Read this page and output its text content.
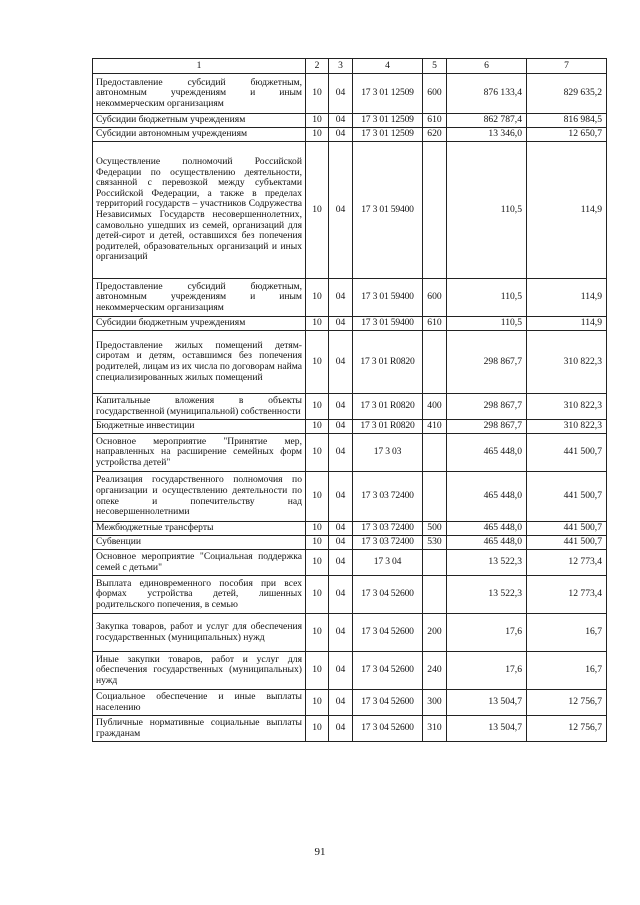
1	2	3	4	5	6	7
Предоставление субсидий бюджетным, автономным учреждениям и иным некоммерческим организациям	10	04	17 3 01 12509	600	876 133,4	829 635,2
Субсидии бюджетным учреждениям	10	04	17 3 01 12509	610	862 787,4	816 984,5
Субсидии автономным учреждениям	10	04	17 3 01 12509	620	13 346,0	12 650,7
Осуществление полномочий Российской Федерации по осуществлению деятельности, связанной с перевозкой между субъектами Российской Федерации, а также в пределах территорий государств – участников Содружества Независимых Государств несовершеннолетних, самовольно ушедших из семей, организаций для детей-сирот и детей, оставшихся без попечения родителей, образовательных организаций и иных организаций	10	04	17 3 01 59400		110,5	114,9
Предоставление субсидий бюджетным, автономным учреждениям и иным некоммерческим организациям	10	04	17 3 01 59400	600	110,5	114,9
Субсидии бюджетным учреждениям	10	04	17 3 01 59400	610	110,5	114,9
Предоставление жилых помещений детям-сиротам и детям, оставшимся без попечения родителей, лицам из их числа по договорам найма специализированных жилых помещений	10	04	17 3 01 R0820		298 867,7	310 822,3
Капитальные вложения в объекты государственной (муниципальной) собственности	10	04	17 3 01 R0820	400	298 867,7	310 822,3
Бюджетные инвестиции	10	04	17 3 01 R0820	410	298 867,7	310 822,3
Основное мероприятие "Принятие мер, направленных на расширение семейных форм устройства детей"	10	04	17 3 03		465 448,0	441 500,7
Реализация государственного полномочия по организации и осуществлению деятельности по опеке и попечительству над несовершеннолетними	10	04	17 3 03 72400		465 448,0	441 500,7
Межбюджетные трансферты	10	04	17 3 03 72400	500	465 448,0	441 500,7
Субвенции	10	04	17 3 03 72400	530	465 448,0	441 500,7
Основное мероприятие "Социальная поддержка семей с детьми"	10	04	17 3 04		13 522,3	12 773,4
Выплата единовременного пособия при всех формах устройства детей, лишенных родительского попечения, в семью	10	04	17 3 04 52600		13 522,3	12 773,4
Закупка товаров, работ и услуг для обеспечения государственных (муниципальных) нужд	10	04	17 3 04 52600	200	17,6	16,7
Иные закупки товаров, работ и услуг для обеспечения государственных (муниципальных) нужд	10	04	17 3 04 52600	240	17,6	16,7
Социальное обеспечение и иные выплаты населению	10	04	17 3 04 52600	300	13 504,7	12 756,7
Публичные нормативные социальные выплаты гражданам	10	04	17 3 04 52600	310	13 504,7	12 756,7
91
